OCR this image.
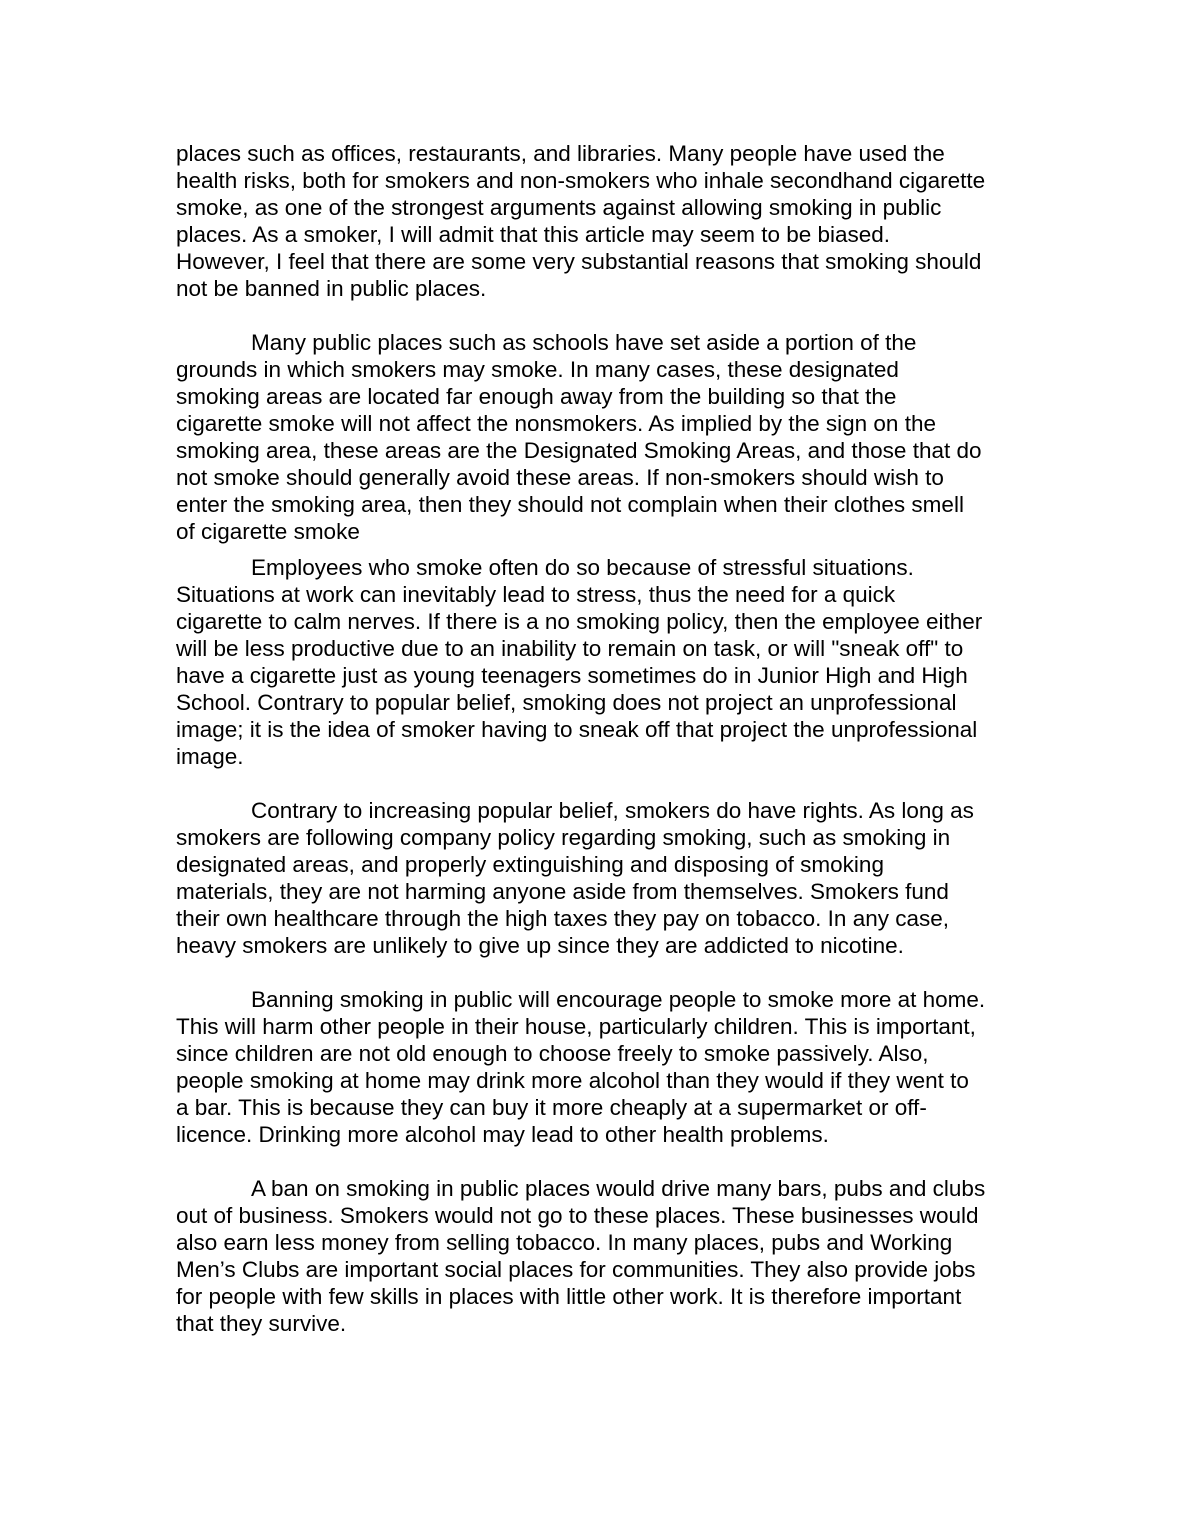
places such as offices, restaurants, and libraries. Many people have used the
health risks, both for smokers and non-smokers who inhale secondhand cigarette
smoke, as one of the strongest arguments against allowing smoking in public
places. As a smoker, I will admit that this article may seem to be biased.
However, I feel that there are some very substantial reasons that smoking should
not be banned in public places.

Many public places such as schools have set aside a portion of the
grounds in which smokers may smoke. In many cases, these designated
smoking areas are located far enough away from the building so that the
cigarette smoke will not affect the nonsmokers. As implied by the sign on the
smoking area, these areas are the Designated Smoking Areas, and those that do
not smoke should generally avoid these areas. If non-smokers should wish to
enter the smoking area, then they should not complain when their clothes smell
of cigarette smoke

Employees who smoke often do so because of stressful situations.
Situations at work can inevitably lead to stress, thus the need for a quick
cigarette to calm nerves. If there is a no smoking policy, then the employee either
will be less productive due to an inability to remain on task, or will "sneak off" to
have a cigarette just as young teenagers sometimes do in Junior High and High
School. Contrary to popular belief, smoking does not project an unprofessional
image; it is the idea of smoker having to sneak off that project the unprofessional
image.

Contrary to increasing popular belief, smokers do have rights. As long as
smokers are following company policy regarding smoking, such as smoking in
designated areas, and properly extinguishing and disposing of smoking
materials, they are not harming anyone aside from themselves. Smokers fund
their own healthcare through the high taxes they pay on tobacco. In any case,
heavy smokers are unlikely to give up since they are addicted to nicotine.

Banning smoking in public will encourage people to smoke more at home.
This will harm other people in their house, particularly children. This is important,
since children are not old enough to choose freely to smoke passively. Also,
people smoking at home may drink more alcohol than they would if they went to
a bar. This is because they can buy it more cheaply at a supermarket or off-
licence. Drinking more alcohol may lead to other health problems.

A ban on smoking in public places would drive many bars, pubs and clubs
out of business. Smokers would not go to these places. These businesses would
also earn less money from selling tobacco. In many places, pubs and Working
Men’s Clubs are important social places for communities. They also provide jobs
for people with few skills in places with little other work. It is therefore important
that they survive.
